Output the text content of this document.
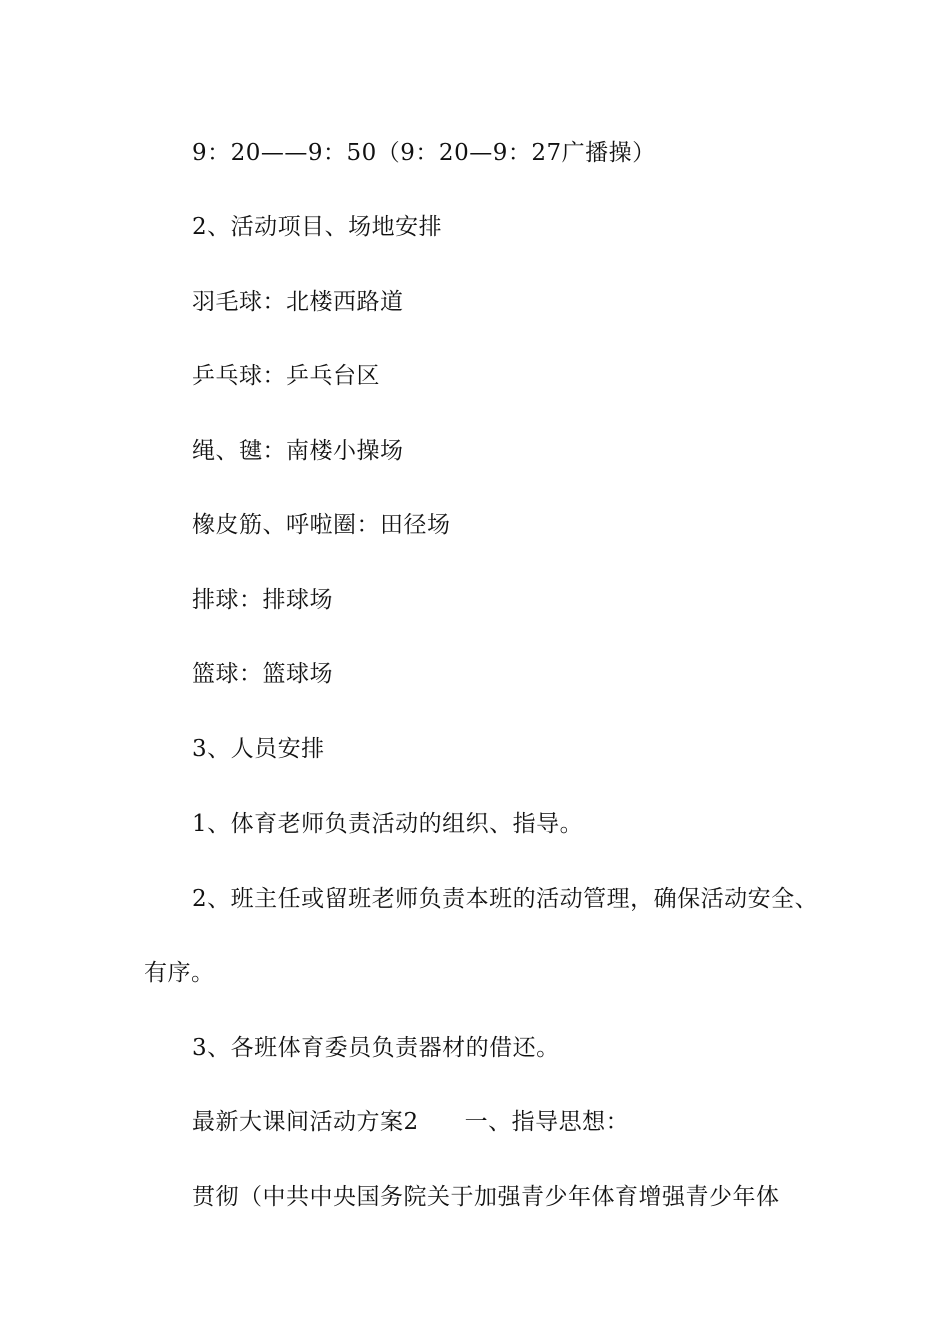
9：20——9：50（9：20—9：27广播操）
2、活动项目、场地安排
羽毛球：北楼西路道
乒乓球：乒乓台区
绳、毽：南楼小操场
橡皮筋、呼啦圈：田径场
排球：排球场
篮球：篮球场
3、人员安排
1、体育老师负责活动的组织、指导。
2、班主任或留班老师负责本班的活动管理，确保活动安全、
有序。
3、各班体育委员负责器材的借还。
最新大课间活动方案2 一、指导思想：
贯彻（中共中央国务院关于加强青少年体育增强青少年体
